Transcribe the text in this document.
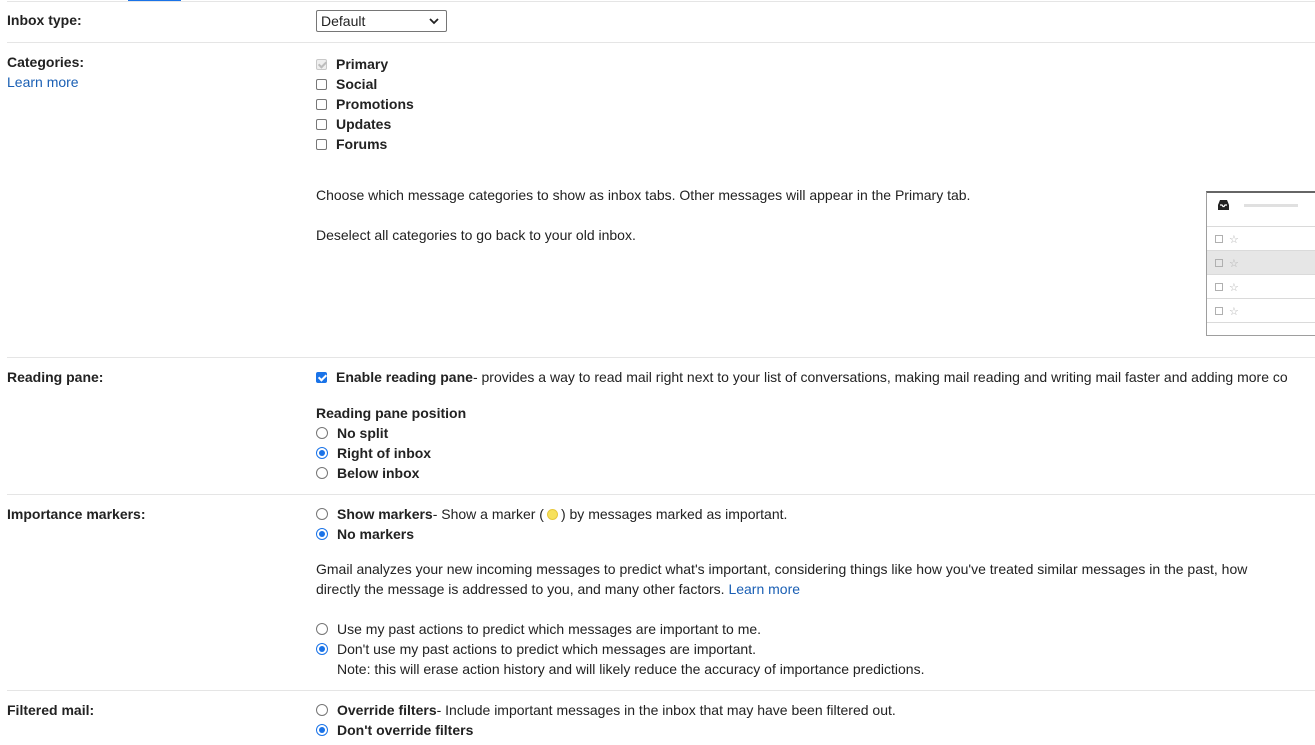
Inbox type:	Default
Categories:
Learn more
Primary
Social
Promotions
Updates
Forums
Choose which message categories to show as inbox tabs. Other messages will appear in the Primary tab.
Deselect all categories to go back to your old inbox.	☆
☆
☆
☆
Reading pane:	Enable reading pane - provides a way to read mail right next to your list of conversations, making mail reading and writing mail faster and adding more co
Reading pane position
No split
Right of inbox
Below inbox
Importance markers:	Show markers - Show a marker ( ) by messages marked as important.
No markers
Gmail analyzes your new incoming messages to predict what's important, considering things like how you've treated similar messages in the past, how
directly the message is addressed to you, and many other factors. Learn more
Use my past actions to predict which messages are important to me.
Don't use my past actions to predict which messages are important.
Note: this will erase action history and will likely reduce the accuracy of importance predictions.
Filtered mail:	Override filters - Include important messages in the inbox that may have been filtered out.
Don't override filters
